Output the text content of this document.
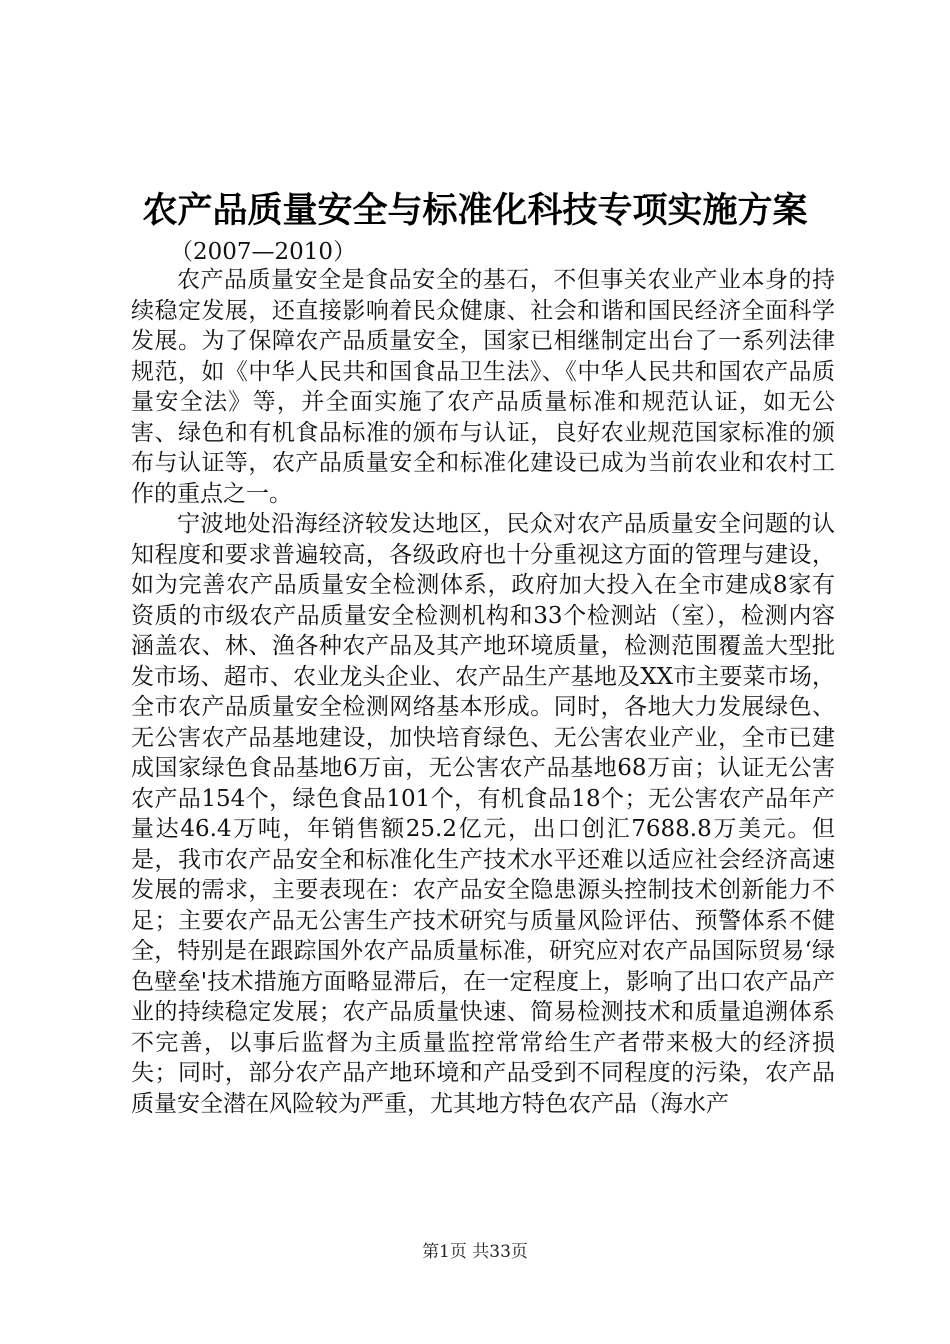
农产品质量安全与标准化科技专项实施方案
（2007—2010）

农产品质量安全是食品安全的基石，不但事关农业产业本身的持续稳定发展，还直接影响着民众健康、社会和谐和国民经济全面科学发展。为了保障农产品质量安全，国家已相继制定出台了一系列法律规范，如《中华人民共和国食品卫生法》、《中华人民共和国农产品质量安全法》等，并全面实施了农产品质量标准和规范认证，如无公害、绿色和有机食品标准的颁布与认证，良好农业规范国家标准的颁布与认证等，农产品质量安全和标准化建设已成为当前农业和农村工作的重点之一。

宁波地处沿海经济较发达地区，民众对农产品质量安全问题的认知程度和要求普遍较高，各级政府也十分重视这方面的管理与建设，如为完善农产品质量安全检测体系，政府加大投入在全市建成8家有资质的市级农产品质量安全检测机构和33个检测站（室），检测内容涵盖农、林、渔各种农产品及其产地环境质量，检测范围覆盖大型批发市场、超市、农业龙头企业、农产品生产基地及XX市主要菜市场，全市农产品质量安全检测网络基本形成。同时，各地大力发展绿色、无公害农产品基地建设，加快培育绿色、无公害农业产业，全市已建成国家绿色食品基地6万亩，无公害农产品基地68万亩；认证无公害农产品154个，绿色食品101个，有机食品18个；无公害农产品年产量达46.4万吨，年销售额25.2亿元，出口创汇7688.8万美元。但是，我市农产品安全和标准化生产技术水平还难以适应社会经济高速发展的需求，主要表现在：农产品安全隐患源头控制技术创新能力不足；主要农产品无公害生产技术研究与质量风险评估、预警体系不健全，特别是在跟踪国外农产品质量标准，研究应对农产品国际贸易‘绿色壁垒'技术措施方面略显滞后，在一定程度上，影响了出口农产品产业的持续稳定发展；农产品质量快速、简易检测技术和质量追溯体系不完善，以事后监督为主质量监控常常给生产者带来极大的经济损失；同时，部分农产品产地环境和产品受到不同程度的污染，农产品质量安全潜在风险较为严重，尤其地方特色农产品（海水产

第1页 共33页
